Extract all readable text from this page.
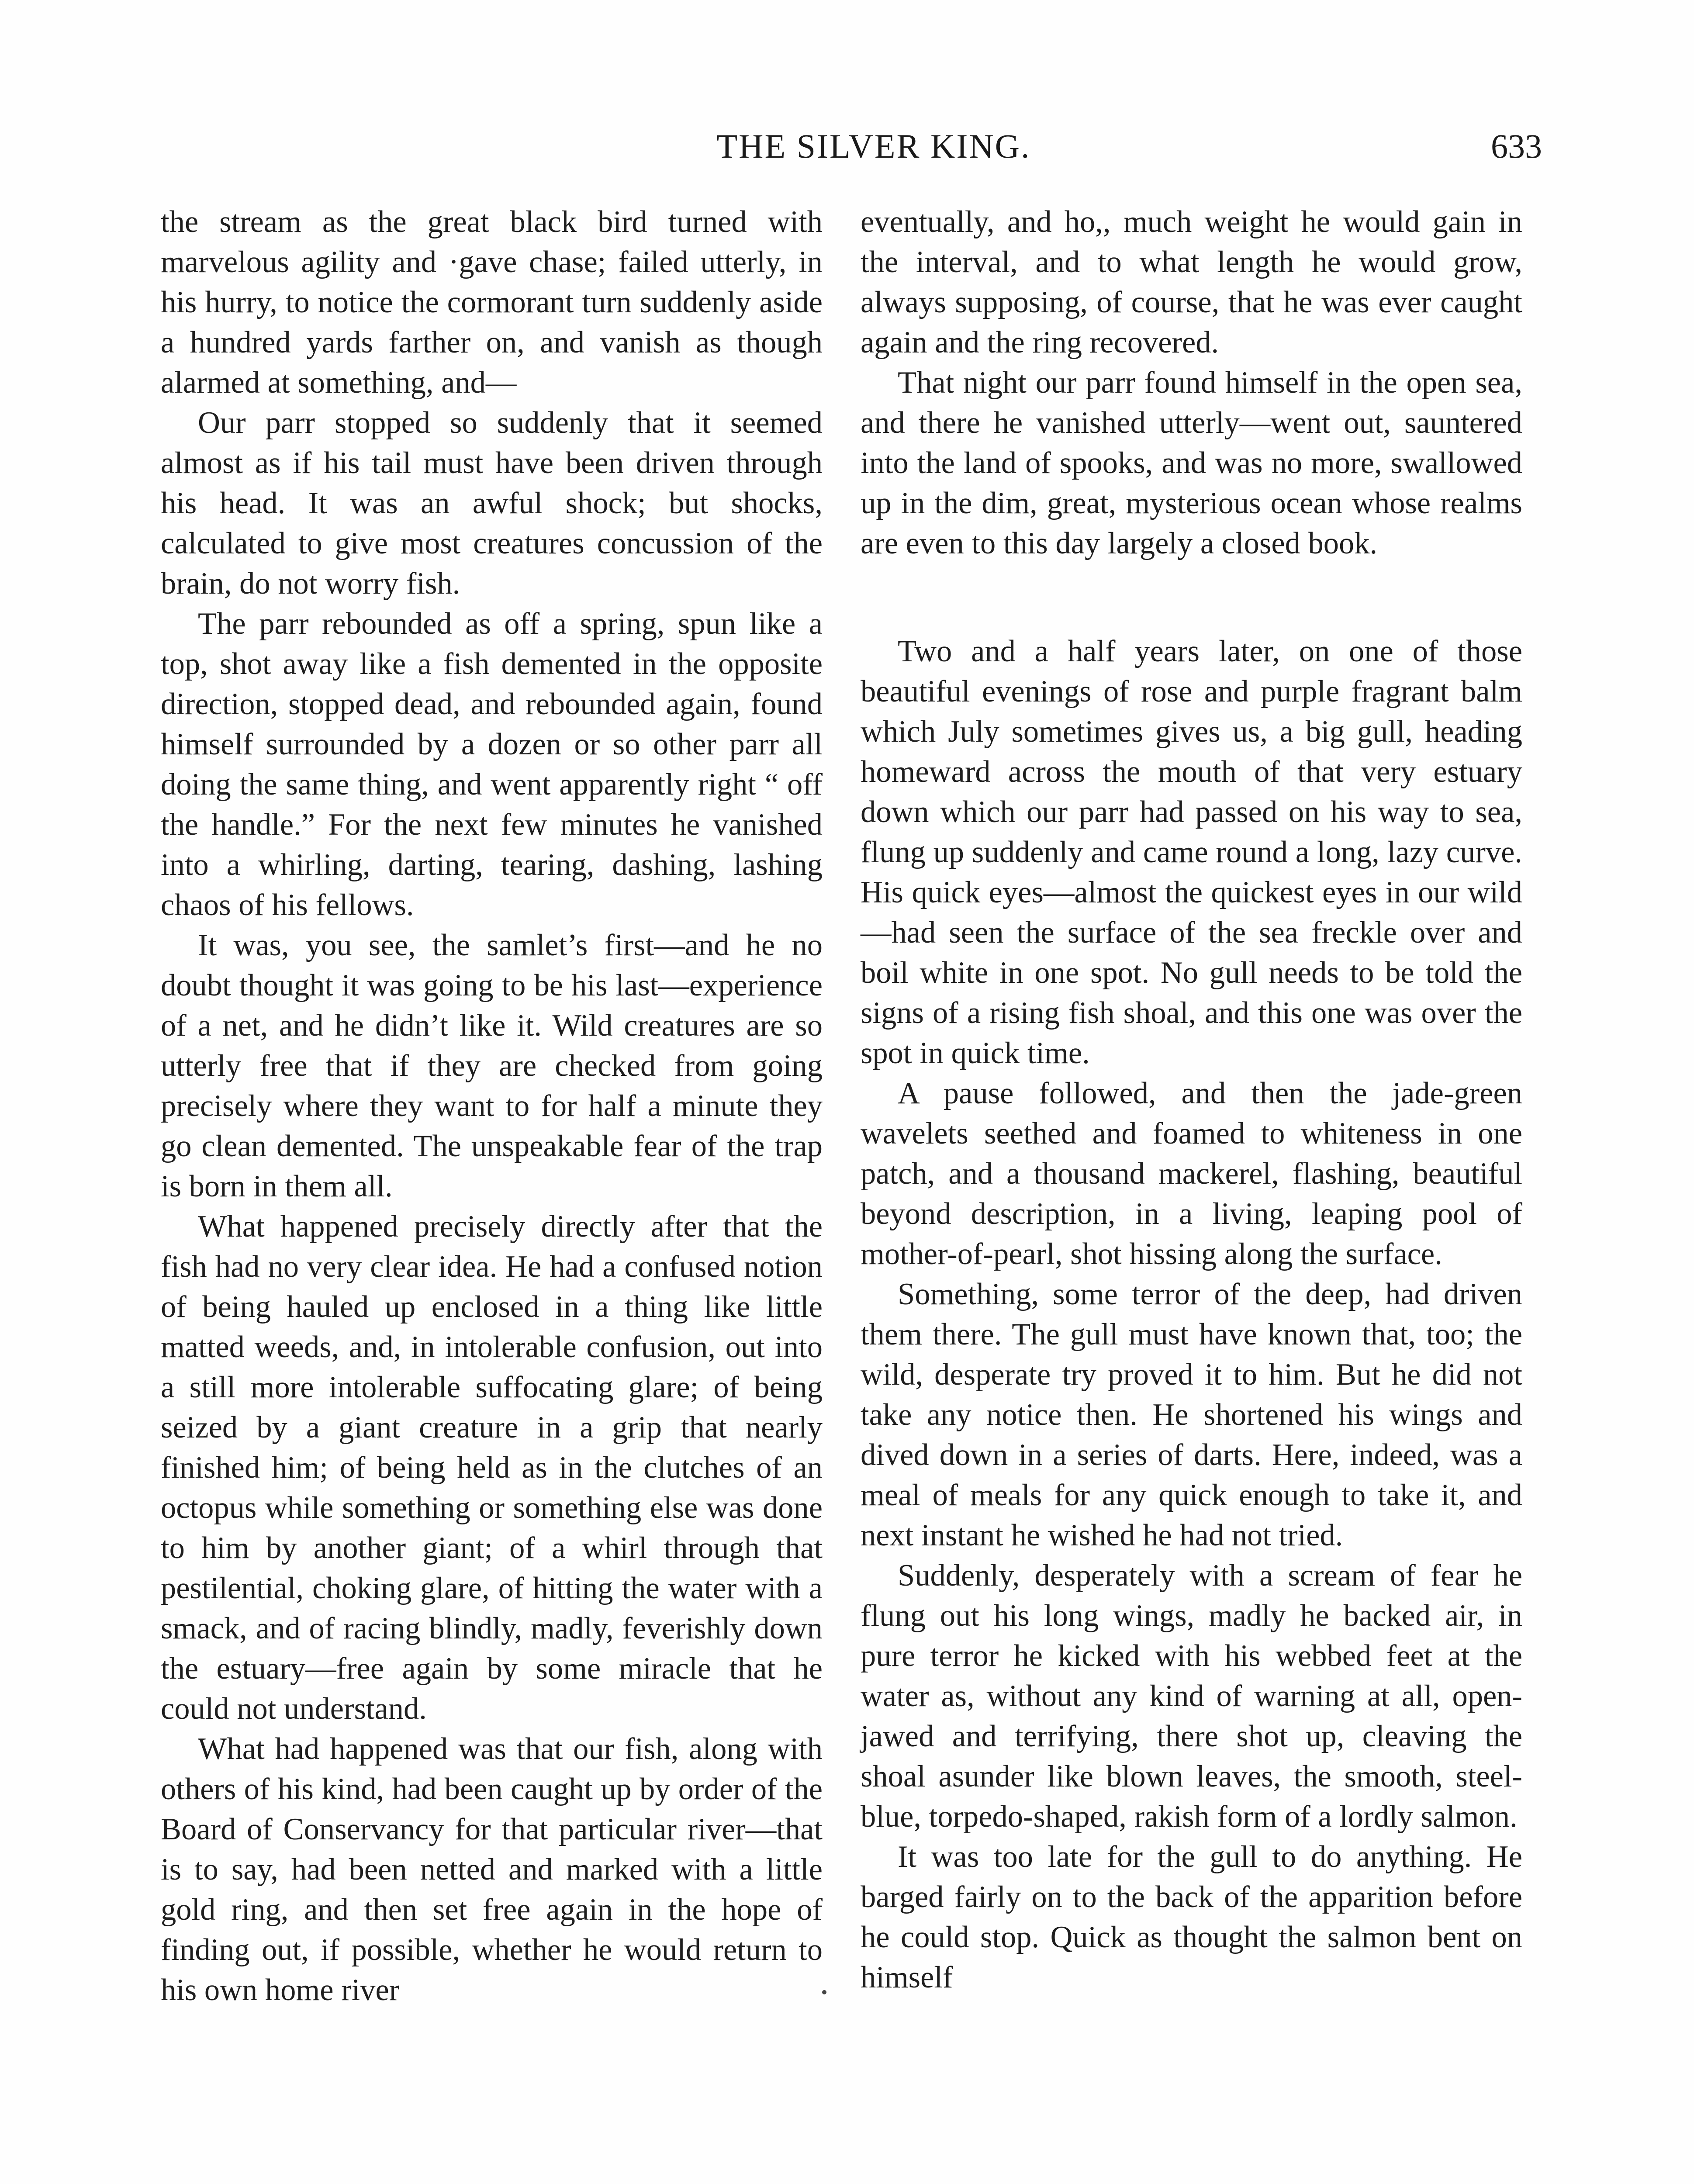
THE SILVER KING.	633

the stream as the great black bird turned with marvelous agility and ·gave chase; failed utterly, in his hurry, to notice the cormorant turn suddenly aside a hundred yards farther on, and vanish as though alarmed at something, and—

Our parr stopped so suddenly that it seemed almost as if his tail must have been driven through his head. It was an awful shock; but shocks, calculated to give most creatures concussion of the brain, do not worry fish.

The parr rebounded as off a spring, spun like a top, shot away like a fish demented in the opposite direction, stopped dead, and rebounded again, found himself surrounded by a dozen or so other parr all doing the same thing, and went apparently right “ off the handle.” For the next few minutes he vanished into a whirling, darting, tearing, dashing, lashing chaos of his fellows.

It was, you see, the samlet’s first—and he no doubt thought it was going to be his last—experience of a net, and he didn’t like it. Wild creatures are so utterly free that if they are checked from going precisely where they want to for half a minute they go clean demented. The unspeakable fear of the trap is born in them all.

What happened precisely directly after that the fish had no very clear idea. He had a confused notion of being hauled up enclosed in a thing like little matted weeds, and, in intolerable confusion, out into a still more intolerable suffocating glare; of being seized by a giant creature in a grip that nearly finished him; of being held as in the clutches of an octopus while something or something else was done to him by another giant; of a whirl through that pestilential, choking glare, of hitting the water with a smack, and of racing blindly, madly, feverishly down the estuary—free again by some miracle that he could not understand.

What had happened was that our fish, along with others of his kind, had been caught up by order of the Board of Conservancy for that particular river—that is to say, had been netted and marked with a little gold ring, and then set free again in the hope of finding out, if possible, whether he would return to his own home river

eventually, and ho,, much weight he would gain in the interval, and to what length he would grow, always supposing, of course, that he was ever caught again and the ring recovered.

That night our parr found himself in the open sea, and there he vanished utterly—went out, sauntered into the land of spooks, and was no more, swallowed up in the dim, great, mysterious ocean whose realms are even to this day largely a closed book.

Two and a half years later, on one of those beautiful evenings of rose and purple fragrant balm which July sometimes gives us, a big gull, heading homeward across the mouth of that very estuary down which our parr had passed on his way to sea, flung up suddenly and came round a long, lazy curve. His quick eyes—almost the quickest eyes in our wild—had seen the surface of the sea freckle over and boil white in one spot. No gull needs to be told the signs of a rising fish shoal, and this one was over the spot in quick time.

A pause followed, and then the jade-green wavelets seethed and foamed to whiteness in one patch, and a thousand mackerel, flashing, beautiful beyond description, in a living, leaping pool of mother-of-pearl, shot hissing along the surface.

Something, some terror of the deep, had driven them there. The gull must have known that, too; the wild, desperate try proved it to him. But he did not take any notice then. He shortened his wings and dived down in a series of darts. Here, indeed, was a meal of meals for any quick enough to take it, and next instant he wished he had not tried.

Suddenly, desperately with a scream of fear he flung out his long wings, madly he backed air, in pure terror he kicked with his webbed feet at the water as, without any kind of warning at all, open-jawed and terrifying, there shot up, cleaving the shoal asunder like blown leaves, the smooth, steel-blue, torpedo-shaped, rakish form of a lordly salmon.

It was too late for the gull to do anything. He barged fairly on to the back of the apparition before he could stop. Quick as thought the salmon bent on himself
